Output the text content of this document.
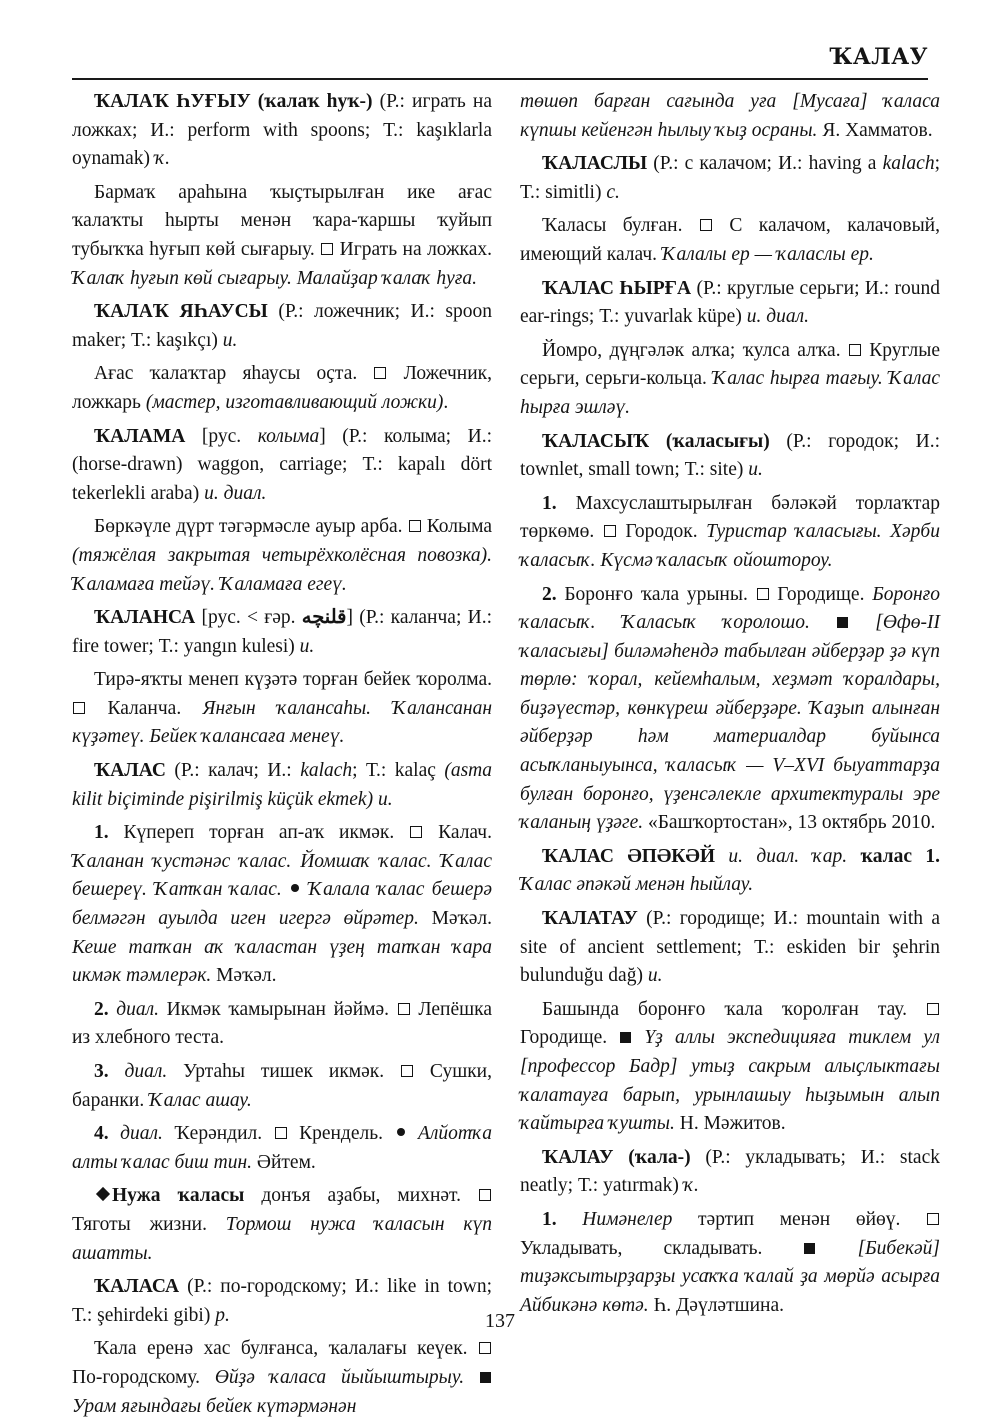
ҠАЛАУ

ҠАЛАҠ ҺУҒЫУ (ҡалаҡ һуҡ-) (Р.: играть на ложках; И.: perform with spoons; Т.: kaşıklarla oynamak) ҡ.

Бармаҡ араһына ҡыҫтырылған ике ағас ҡалаҡты һырты менән ҡара-ҡаршы ҡуйып тубыҡҡа һуғып көй сығарыу.  Играть на ложках. Ҡалаҡ һуғып көй сығарыу. Малайҙар ҡалаҡ һуға.

ҠАЛАҠ ЯҺАУСЫ (Р.: ложечник; И.: spoon maker; Т.: kaşıkçı) и.

Ағас ҡалаҡтар яһаусы оҫта.  Ложечник, ложкарь (мастер, изготавливающий ложки).

ҠАЛАМА [рус. колыма] (Р.: колыма; И.: (horse-drawn) waggon, carriage; Т.: kapalı dört tekerlekli araba) и. диал.

Бөркәүле дүрт тәгәрмәсле ауыр арба.  Колыма (тяжёлая закрытая четырёхколёсная повозка). Ҡаламаға тейәү. Ҡаламаға егеү.

ҠАЛАНСА [рус. < ғәр. قلنچه] (Р.: каланча; И.: fire tower; Т.: yangın kulesi) и.

Тирә-яҡты менеп күҙәтә торған бейек ҡоролма.  Каланча. Янғын ҡалансаһы. Ҡалансанан күҙәтеү. Бейек ҡалансаға менеү.

ҠАЛАС (Р.: калач; И.: kalach; Т.: kalaç (asma kilit biçiminde pişirilmiş küçük ekmek) и.

1. Күпереп торған ап-аҡ икмәк.  Калач. Ҡаланан ҡустәнәс ҡалас. Йомшаҡ ҡалас. Ҡалас бешереү. Ҡатҡан ҡалас.  Ҡалала ҡалас бешерә белмәгән ауылда иген игергә өйрәтер. Мәҡәл. Кеше тапҡан аҡ ҡаластан үҙең тапҡан ҡара икмәк тәмлерәк. Мәҡәл.

2. диал. Икмәк ҡамырынан йәймә.  Лепёшка из хлебного теста.

3. диал. Уртаһы тишек икмәк.  Сушки, баранки. Ҡалас ашау.

4. диал. Ҡерәндил.  Крендель.  Алйотҡа алты ҡалас биш тин. Әйтем.

Нужа ҡаласы донъя аҙабы, михнәт.  Тяготы жизни. Тормош нужа ҡаласын күп ашатты.

ҠАЛАСА (Р.: по-городскому; И.: like in town; Т.: şehirdeki gibi) р.

Ҡала еренә хас булғанса, ҡалалағы кеүек.  По-городскому. Өйҙә ҡаласа йыйыштырыу.  Урам яғындағы бейек күтәрмәнән

төшөп барған сағында уға [Мусаға] ҡаласа күпшы кейенгән һылыу ҡыҙ осраны. Я. Хамматов.

ҠАЛАСЛЫ (Р.: с калачом; И.: having a kalach; Т.: simitli) с.

Ҡаласы булған.  С калачом, калачовый, имеющий калач. Ҡалалы ер — ҡаласлы ер.

ҠАЛАС ҺЫРҒА (Р.: круглые серьги; И.: round ear-rings; Т.: yuvarlak küpe) и. диал.

Йомро, дүңгәләк алҡа; ҡулса алҡа.  Круглые серьги, серьги-кольца. Ҡалас һырға тағыу. Ҡалас һырға эшләү.

ҠАЛАСЫҠ (ҡаласығы) (Р.: городок; И.: townlet, small town; Т.: site) и.

1. Махсуслаштырылған бәләкәй торлаҡтар төркөмө.  Городок. Туристар ҡаласығы. Хәрби ҡаласыҡ. Күсмә ҡаласыҡ ойоштороу.

2. Боронғо ҡала урыны.  Городище. Боронғо ҡаласыҡ. Ҡаласыҡ ҡоролошо.  [Өфө-II ҡаласығы] биләмәһендә табылған әйберҙәр ҙә күп төрлө: ҡорал, кейемһалым, хеҙмәт ҡоралдары, биҙәүестәр, көнкүреш әйберҙәре. Ҡаҙып алынған әйберҙәр һәм материалдар буйынса асыҡланыуынса, ҡаласыҡ — V–XVI быуаттарҙа булған боронғо, үҙенсәлекле архитектуралы эре ҡаланың үҙәге. «Башҡортостан», 13 октябрь 2010.

ҠАЛАС ӘПӘКӘЙ и. диал. ҡар. ҡалас 1. Ҡалас әпәкәй менән һыйлау.

ҠАЛАТАУ (Р.: городище; И.: mountain with a site of ancient settlement; Т.: eskiden bir şehrin bulunduğu dağ) и.

Башында боронғо ҡала ҡоролған тау.  Городище.  Үҙ аллы экспедицияға тиклем ул [профессор Бадр] утыҙ сакрым алыҫлыктағы ҡалатауға барып, урынлашыу һыҙымын алып ҡайтырға ҡушты. Н. Мәжитов.

ҠАЛАУ (ҡала-) (Р.: укладывать; И.: stack neatly; Т.: yatırmak) ҡ.

1. Нимәнелер тәртип менән өйөү.  Укладывать, складывать.  [Бибекәй] тиҙәксытырҙарҙы усаҡҡа ҡалай ҙа мөрйә асырға Айбикәнә көтә. Һ. Дәүләтшина.

137
